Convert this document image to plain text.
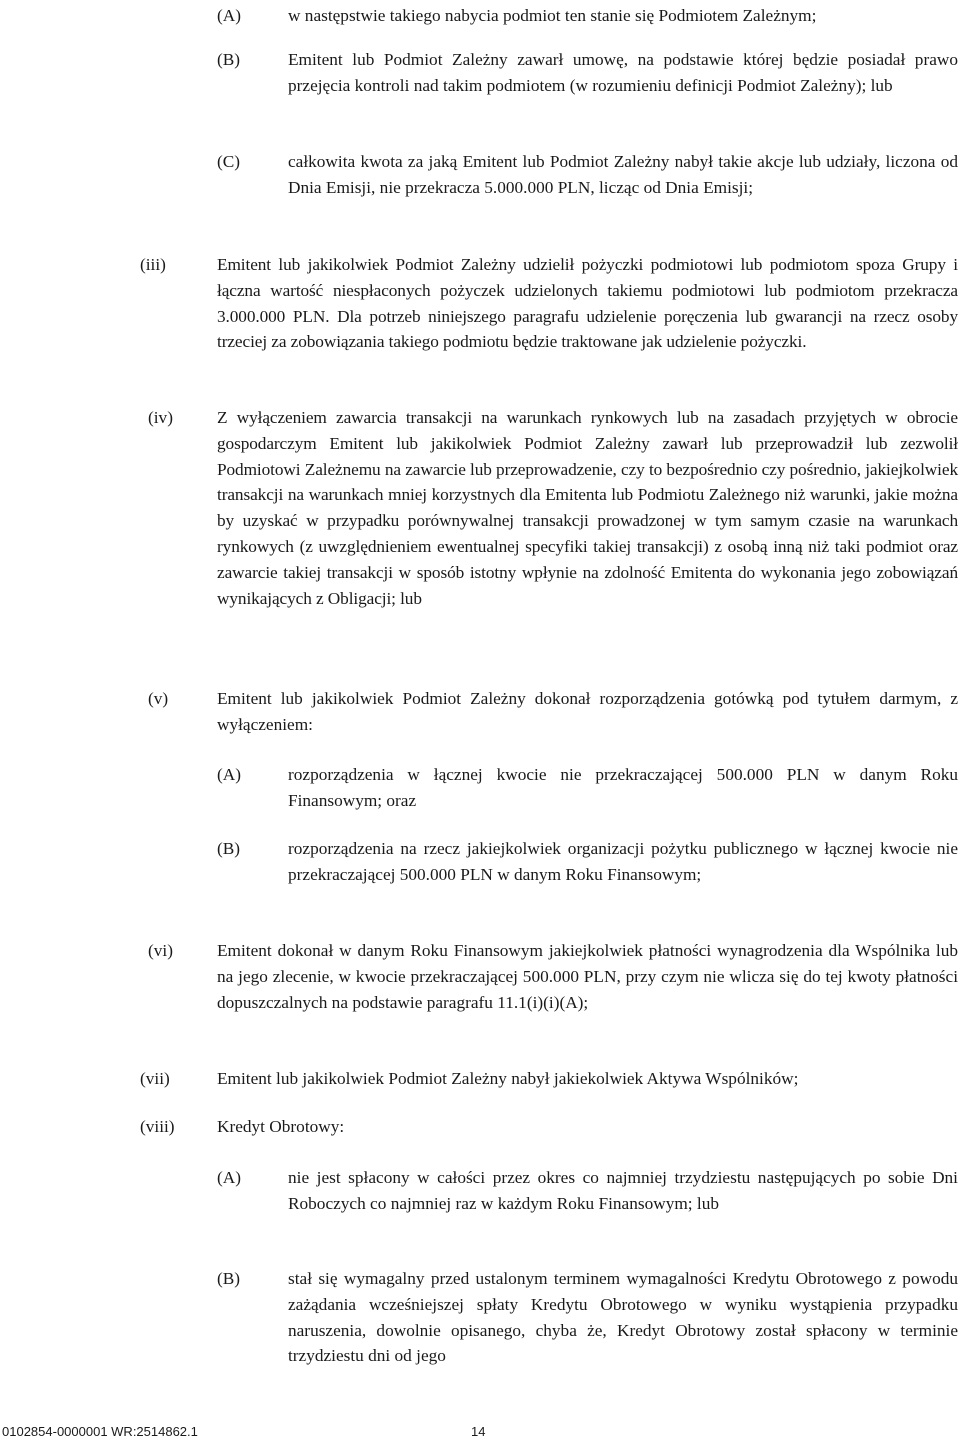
(A)	w następstwie takiego nabycia podmiot ten stanie się Podmiotem Zależnym;

(B)	Emitent lub Podmiot Zależny zawarł umowę, na podstawie której będzie posiadał prawo przejęcia kontroli nad takim podmiotem (w rozumieniu definicji Podmiot Zależny); lub

(C)	całkowita kwota za jaką Emitent lub Podmiot Zależny nabył takie akcje lub udziały, liczona od Dnia Emisji, nie przekracza 5.000.000 PLN, licząc od Dnia Emisji;

(iii)	Emitent lub jakikolwiek Podmiot Zależny udzielił pożyczki podmiotowi lub podmiotom spoza Grupy i łączna wartość niespłaconych pożyczek udzielonych takiemu podmiotowi lub podmiotom przekracza 3.000.000 PLN. Dla potrzeb niniejszego paragrafu udzielenie poręczenia lub gwarancji na rzecz osoby trzeciej za zobowiązania takiego podmiotu będzie traktowane jak udzielenie pożyczki.

(iv)	Z wyłączeniem zawarcia transakcji na warunkach rynkowych lub na zasadach przyjętych w obrocie gospodarczym Emitent lub jakikolwiek Podmiot Zależny zawarł lub przeprowadził lub zezwolił Podmiotowi Zależnemu na zawarcie lub przeprowadzenie, czy to bezpośrednio czy pośrednio, jakiejkolwiek transakcji na warunkach mniej korzystnych dla Emitenta lub Podmiotu Zależnego niż warunki, jakie można by uzyskać w przypadku porównywalnej transakcji prowadzonej w tym samym czasie na warunkach rynkowych (z uwzględnieniem ewentualnej specyfiki takiej transakcji) z osobą inną niż taki podmiot oraz zawarcie takiej transakcji w sposób istotny wpłynie na zdolność Emitenta do wykonania jego zobowiązań wynikających z Obligacji; lub

(v)	Emitent lub jakikolwiek Podmiot Zależny dokonał rozporządzenia gotówką pod tytułem darmym, z wyłączeniem:

(A)	rozporządzenia w łącznej kwocie nie przekraczającej 500.000 PLN w danym Roku Finansowym; oraz

(B)	rozporządzenia na rzecz jakiejkolwiek organizacji pożytku publicznego w łącznej kwocie nie przekraczającej 500.000 PLN w danym Roku Finansowym;

(vi)	Emitent dokonał w danym Roku Finansowym jakiejkolwiek płatności wynagrodzenia dla Wspólnika lub na jego zlecenie, w kwocie przekraczającej 500.000 PLN, przy czym nie wlicza się do tej kwoty płatności dopuszczalnych na podstawie paragrafu 11.1(i)(i)(A);

(vii)	Emitent lub jakikolwiek Podmiot Zależny nabył jakiekolwiek Aktywa Wspólników;

(viii) Kredyt Obrotowy:

(A)	nie jest spłacony w całości przez okres co najmniej trzydziestu następujących po sobie Dni Roboczych co najmniej raz w każdym Roku Finansowym; lub

(B)	stał się wymagalny przed ustalonym terminem wymagalności Kredytu Obrotowego z powodu zażądania wcześniejszej spłaty Kredytu Obrotowego w wyniku wystąpienia przypadku naruszenia, dowolnie opisanego, chyba że, Kredyt Obrotowy został spłacony w terminie trzydziestu dni od jego

0102854-0000001 WR:2514862.1	14
